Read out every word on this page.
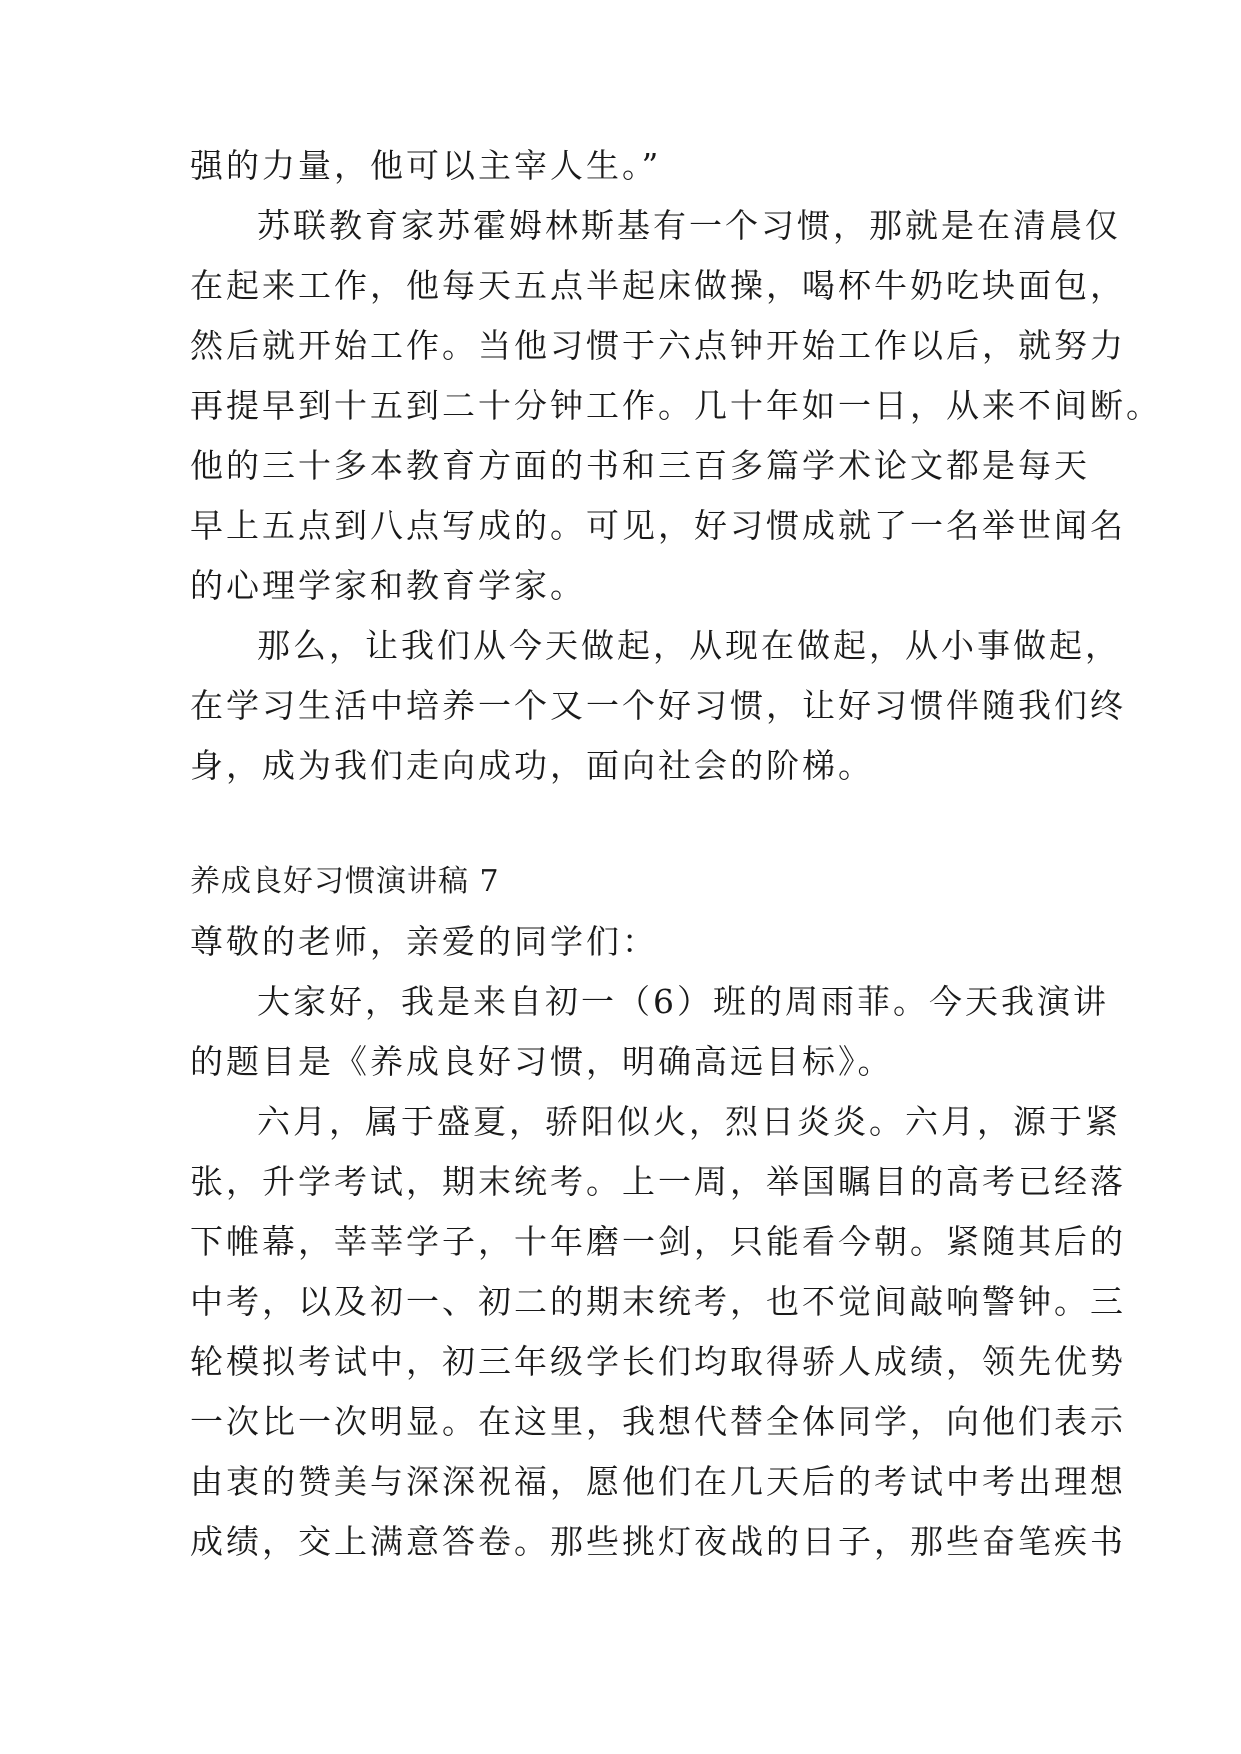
强的力量，他可以主宰人生。”
苏联教育家苏霍姆林斯基有一个习惯，那就是在清晨仅
在起来工作，他每天五点半起床做操，喝杯牛奶吃块面包，
然后就开始工作。当他习惯于六点钟开始工作以后，就努力
再提早到十五到二十分钟工作。几十年如一日，从来不间断。
他的三十多本教育方面的书和三百多篇学术论文都是每天
早上五点到八点写成的。可见，好习惯成就了一名举世闻名
的心理学家和教育学家。
那么，让我们从今天做起，从现在做起，从小事做起，
在学习生活中培养一个又一个好习惯，让好习惯伴随我们终
身，成为我们走向成功，面向社会的阶梯。
养成良好习惯演讲稿 7
尊敬的老师，亲爱的同学们：
大家好，我是来自初一（6）班的周雨菲。今天我演讲
的题目是《养成良好习惯，明确高远目标》。
六月，属于盛夏，骄阳似火，烈日炎炎。六月，源于紧
张，升学考试，期末统考。上一周，举国瞩目的高考已经落
下帷幕，莘莘学子，十年磨一剑，只能看今朝。紧随其后的
中考，以及初一、初二的期末统考，也不觉间敲响警钟。三
轮模拟考试中，初三年级学长们均取得骄人成绩，领先优势
一次比一次明显。在这里，我想代替全体同学，向他们表示
由衷的赞美与深深祝福，愿他们在几天后的考试中考出理想
成绩，交上满意答卷。那些挑灯夜战的日子，那些奋笔疾书
